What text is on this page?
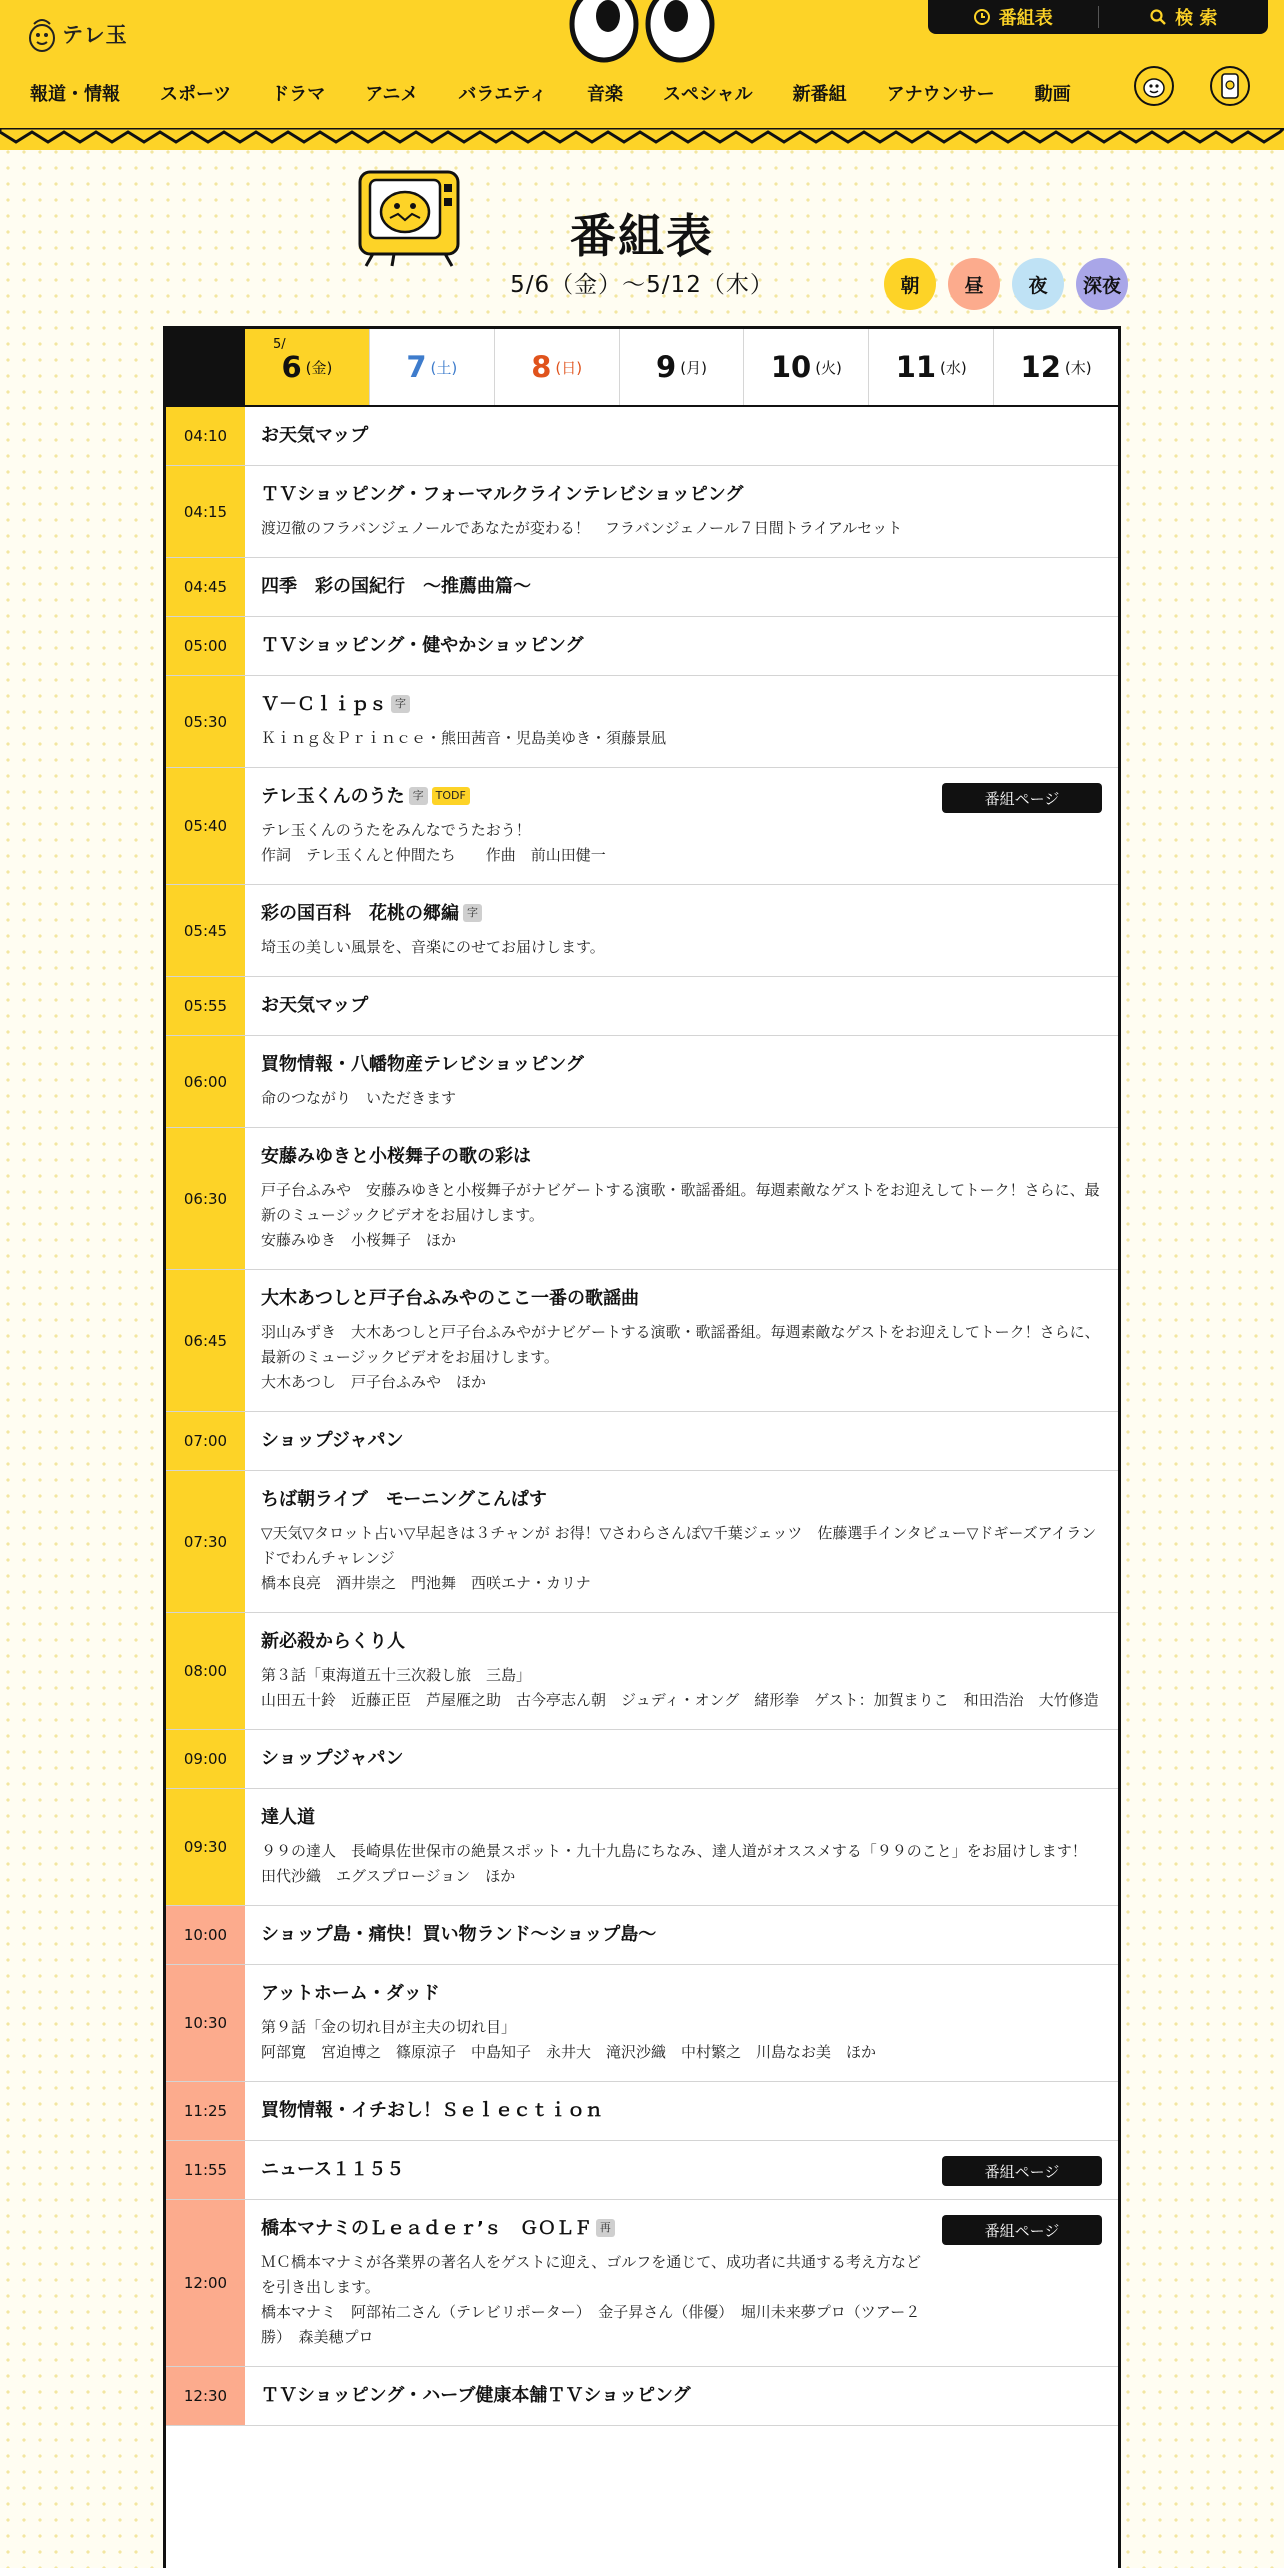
テレ玉
番組表	検 索
報道・情報 スポーツ ドラマ アニメ バラエティ 音楽 スペシャル 新番組 アナウンサー 動画
番組表
5/6（金）〜5/12（木）	朝	昼	夜	深夜
5/
6 (金)	7 (土)	8 (日)	9 (月) 10 (火) 11 (水) 12 (木)
04:10	お天気マップ
04:15
ＴＶショッピング・フォーマルクラインテレビショッピング
渡辺徹のフラバンジェノールであなたが変わる！　フラバンジェノール７日間トライアルセット
04:45	四季　彩の国紀行　～推薦曲篇～
05:00	ＴＶショッピング・健やかショッピング
05:30
Ｖ－Ｃｌｉｐｓ 字
Ｋｉｎｇ＆Ｐｒｉｎｃｅ・熊田茜音・児島美ゆき・須藤景凪
05:40
テレ玉くんのうた 字 TODF
テレ玉くんのうたをみんなでうたおう！
作詞　テレ玉くんと仲間たち　　作曲　前山田健一
番組ページ
05:45
彩の国百科　花桃の郷編 字
埼玉の美しい風景を、音楽にのせてお届けします。
05:55	お天気マップ
06:00
買物情報・八幡物産テレビショッピング
命のつながり　いただきます
06:30
安藤みゆきと小桜舞子の歌の彩は
戸子台ふみや　安藤みゆきと小桜舞子がナビゲートする演歌・歌謡番組。毎週素敵なゲストをお迎えしてトーク！さらに、最新のミュージックビデオをお届けします。
安藤みゆき　小桜舞子　ほか
06:45
大木あつしと戸子台ふみやのここ一番の歌謡曲
羽山みずき　大木あつしと戸子台ふみやがナビゲートする演歌・歌謡番組。毎週素敵なゲストをお迎えしてトーク！さらに、最新のミュージックビデオをお届けします。
大木あつし　戸子台ふみや　ほか
07:00	ショップジャパン
07:30
ちば朝ライブ　モーニングこんぱす
▽天気▽タロット占い▽早起きは３チャンが お得！▽さわらさんぽ▽千葉ジェッツ　佐藤選手インタビュー▽ドギーズアイランドでわんチャレンジ
橋本良亮　酒井崇之　門池舞　西咲エナ・カリナ
08:00
新必殺からくり人
第３話「東海道五十三次殺し旅　三島」
山田五十鈴　近藤正臣　芦屋雁之助　古今亭志ん朝　ジュディ・オング　緒形拳　ゲスト：加賀まりこ　和田浩治　大竹修造
09:00	ショップジャパン
09:30
達人道
９９の達人　長崎県佐世保市の絶景スポット・九十九島にちなみ、達人道がオススメする「９９のこと」をお届けします！
田代沙織　エグスプロージョン　ほか
10:00	ショップ島・痛快！買い物ランド～ショップ島～
10:30
アットホーム・ダッド
第９話「金の切れ目が主夫の切れ目」
阿部寛　宮迫博之　篠原涼子　中島知子　永井大　滝沢沙織　中村繁之　川島なお美　ほか
11:25	買物情報・イチおし！Ｓｅｌｅｃｔｉｏｎ
11:55	ニュース１１５５	番組ページ
12:00
橋本マナミのＬｅａｄｅｒ’ｓ　ＧＯＬＦ 再
ＭＣ橋本マナミが各業界の著名人をゲストに迎え、ゴルフを通じて、成功者に共通する考え方などを引き出します。
橋本マナミ　阿部祐二さん（テレビリポーター）　金子昇さん（俳優）　堀川未来夢プロ（ツアー２勝）　森美穂プロ
番組ページ
12:30	ＴＶショッピング・ハーブ健康本舗ＴＶショッピング
